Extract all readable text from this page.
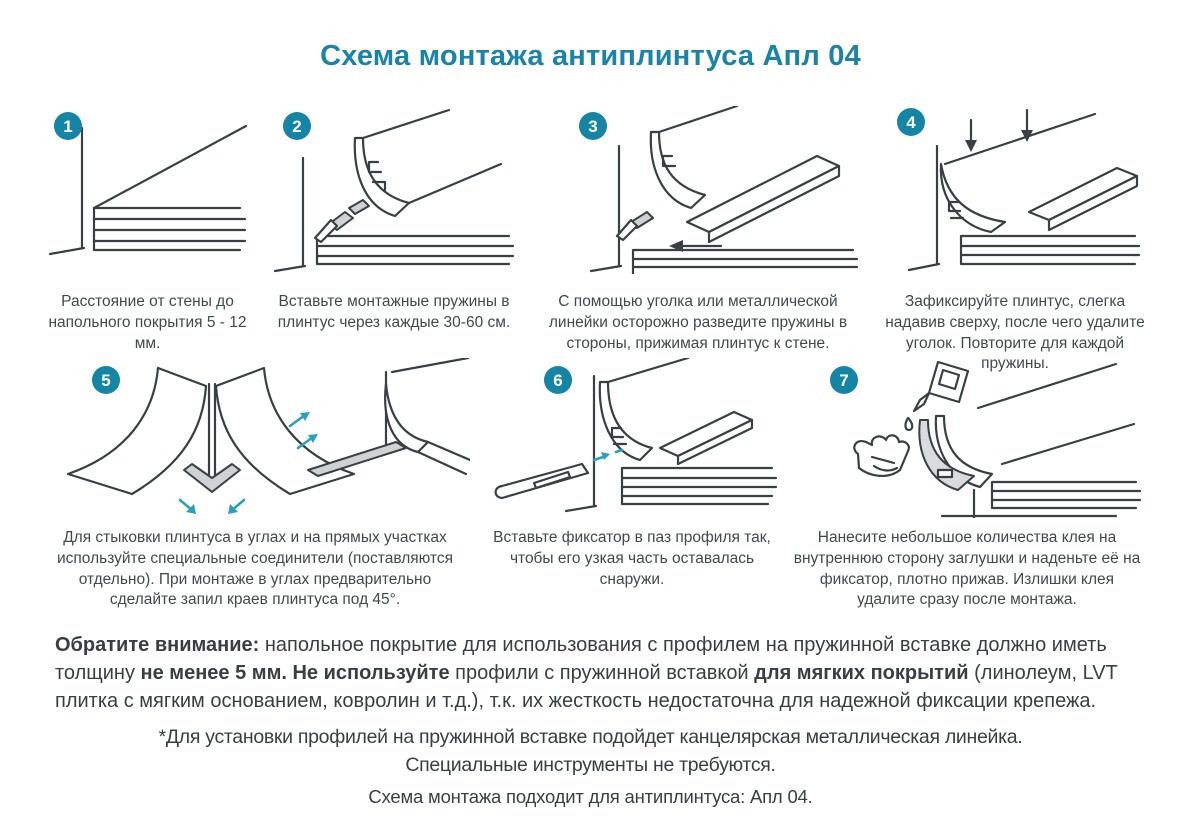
Схема монтажа антиплинтуса Апл 04
1
Расстояние от стены до напольного покрытия 5 - 12 мм.
2
Вставьте монтажные пружины в плинтус через каждые 30-60 см.
3
С помощью уголка или металлической линейки осторожно разведите пружины в стороны, прижимая плинтус к стене.
4
Зафиксируйте плинтус, слегка надавив сверху, после чего удалите уголок. Повторите для каждой пружины.
5
Для стыковки плинтуса в углах и на прямых участках используйте специальные соединители (поставляются отдельно). При монтаже в углах предварительно сделайте запил краев плинтуса под 45°.
6
Вставьте фиксатор в паз профиля так, чтобы его узкая часть оставалась снаружи.
7
Нанесите небольшое количества клея на внутреннюю сторону заглушки и наденьте её на фиксатор, плотно прижав. Излишки клея удалите сразу после монтажа.
Обратите внимание: напольное покрытие для использования с профилем на пружинной вставке должно иметь толщину не менее 5 мм. Не используйте профили с пружинной вставкой для мягких покрытий (линолеум, LVT плитка с мягким основанием, ковролин и т.д.), т.к. их жесткость недостаточна для надежной фиксации крепежа.
*Для установки профилей на пружинной вставке подойдет канцелярская металлическая линейка.
Специальные инструменты не требуются.
Схема монтажа подходит для антиплинтуса: Апл 04.
